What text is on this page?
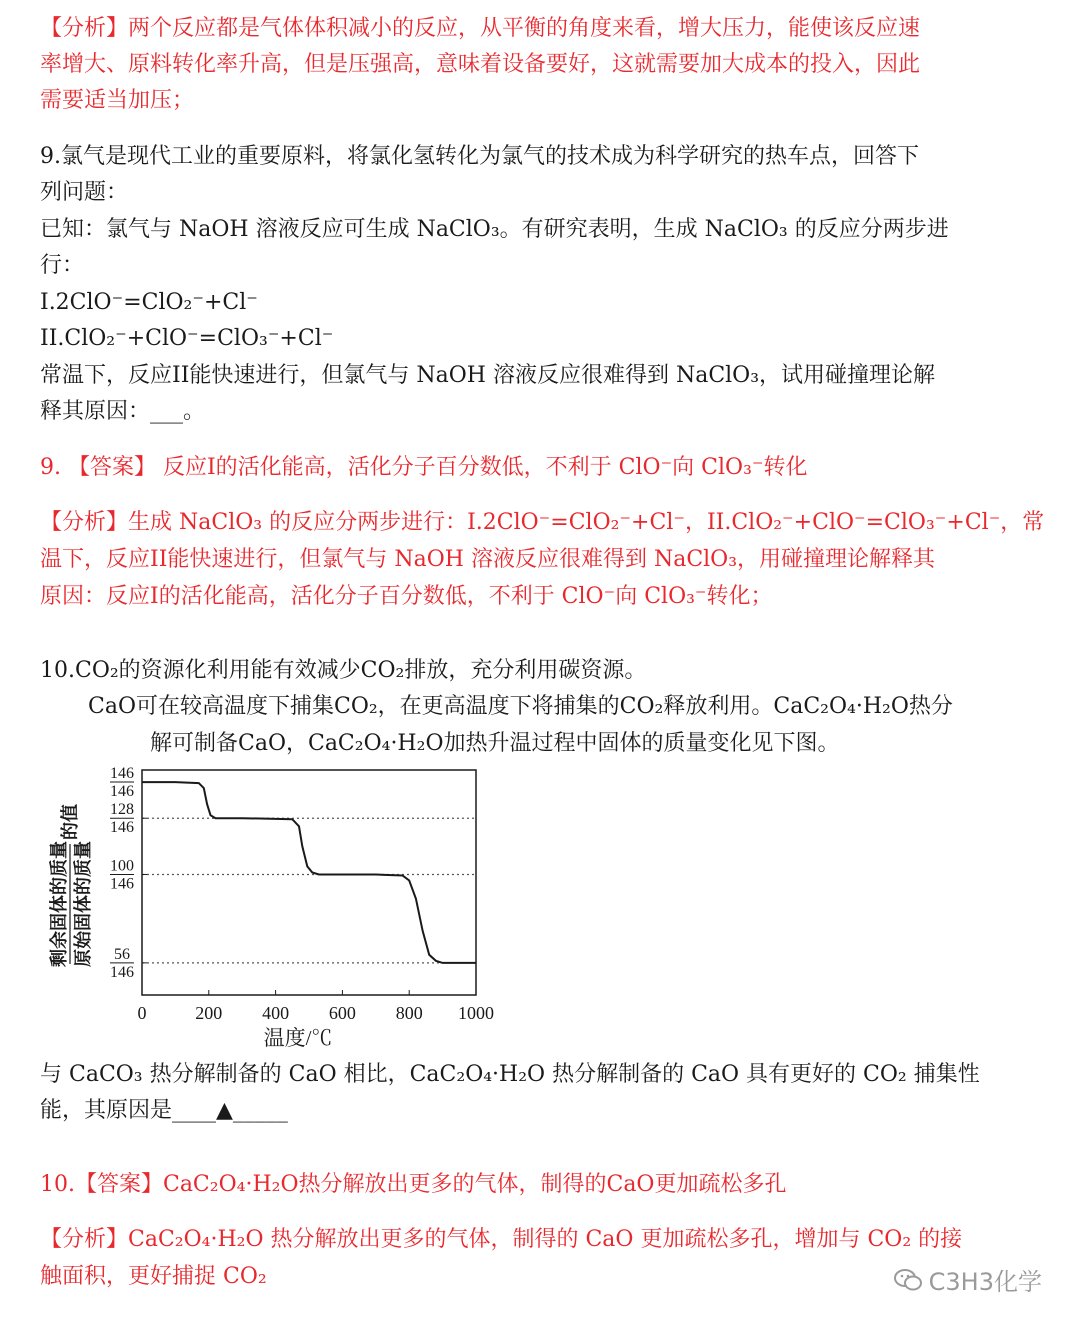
【分析】两个反应都是气体体积减小的反应，从平衡的角度来看，增大压力，能使该反应速
率增大、原料转化率升高，但是压强高，意味着设备要好，这就需要加大成本的投入，因此
需要适当加压；
9.氯气是现代工业的重要原料，将氯化氢转化为氯气的技术成为科学研究的热车点，回答下
列问题：
已知：氯气与 NaOH 溶液反应可生成 NaClO₃。有研究表明，生成 NaClO₃ 的反应分两步进
行：
I.2ClO⁻=ClO₂⁻+Cl⁻
II.ClO₂⁻+ClO⁻=ClO₃⁻+Cl⁻
常温下，反应II能快速进行，但氯气与 NaOH 溶液反应很难得到 NaClO₃，试用碰撞理论解
释其原因：___。
9. 【答案】 反应I的活化能高，活化分子百分数低，不利于 ClO⁻向 ClO₃⁻转化
【分析】生成 NaClO₃ 的反应分两步进行：I.2ClO⁻=ClO₂⁻+Cl⁻，II.ClO₂⁻+ClO⁻=ClO₃⁻+Cl⁻，常
温下，反应II能快速进行，但氯气与 NaOH 溶液反应很难得到 NaClO₃，用碰撞理论解释其
原因：反应I的活化能高，活化分子百分数低，不利于 ClO⁻向 ClO₃⁻转化；
10.CO₂的资源化利用能有效减少CO₂排放，充分利用碳资源。
CaO可在较高温度下捕集CO₂，在更高温度下将捕集的CO₂释放利用。CaC₂O₄·H₂O热分
解可制备CaO，CaC₂O₄·H₂O加热升温过程中固体的质量变化见下图。
与 CaCO₃ 热分解制备的 CaO 相比，CaC₂O₄·H₂O 热分解制备的 CaO 具有更好的 CO₂ 捕集性
能，其原因是____▲_____
10.【答案】CaC₂O₄·H₂O热分解放出更多的气体，制得的CaO更加疏松多孔
【分析】CaC₂O₄·H₂O 热分解放出更多的气体，制得的 CaO 更加疏松多孔，增加与 CO₂ 的接
触面积，更好捕捉 CO₂
剩余固体的质量 原始固体的质量
的值
146
146
128
146
100
146
56
146
0	200 400 600 800 1000
温度/℃
C3H3化学
